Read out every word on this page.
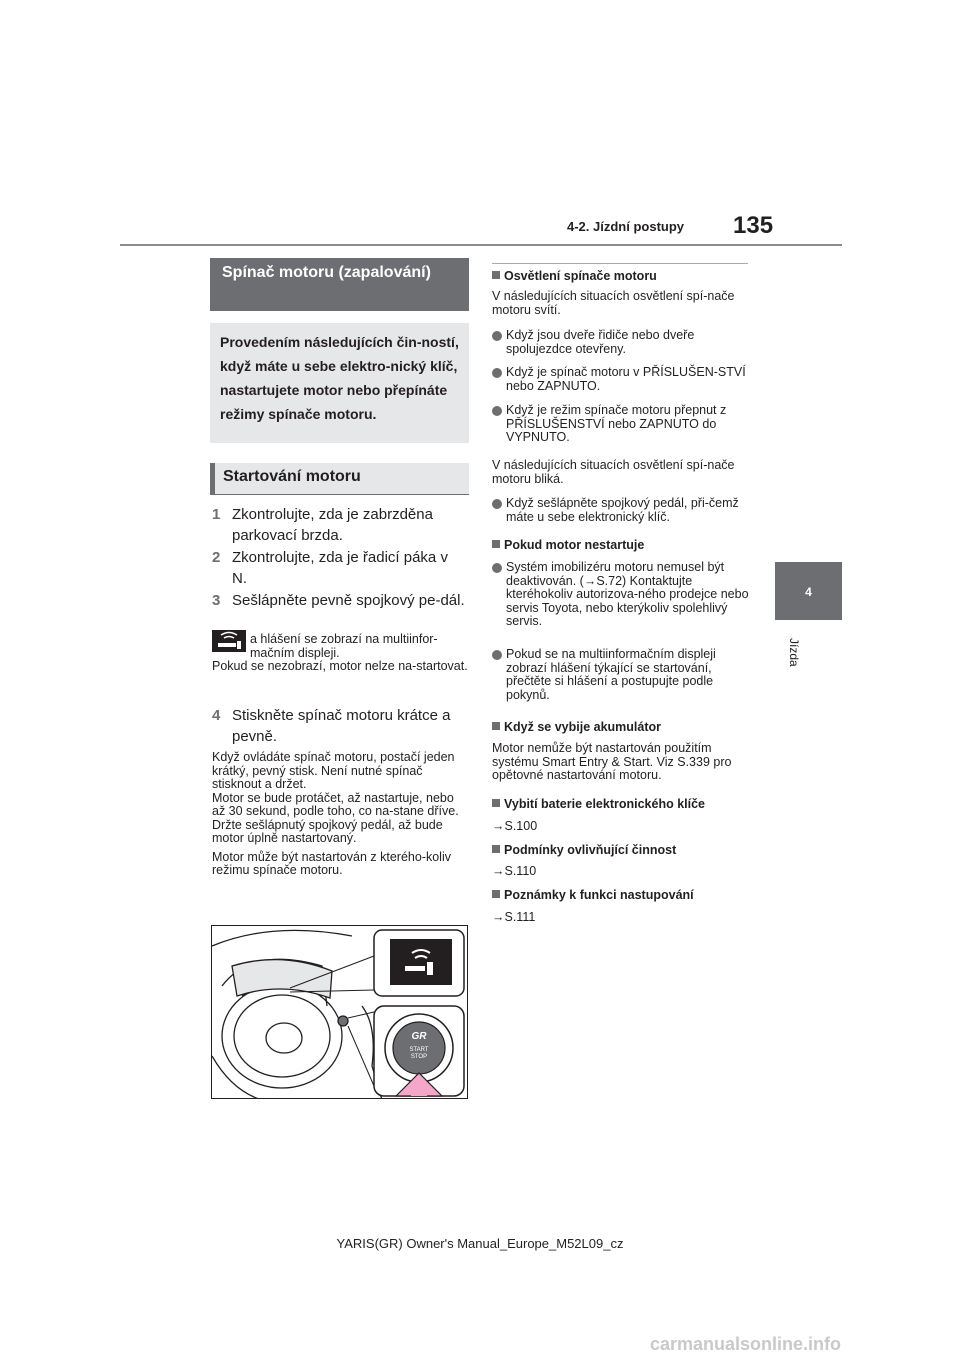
4-2. Jízdní postupy 135
4
Jízda
Spínač motoru (zapalování)
Provedením následujících čin-ností, když máte u sebe elektro-nický klíč, nastartujete motor nebo přepínáte režimy spínače motoru.
Startování motoru
1 Zkontrolujte, zda je zabrzděna parkovací brzda.
2 Zkontrolujte, zda je řadicí páka v N.
3 Sešlápněte pevně spojkový pe-dál.

a hlášení se zobrazí na multiinfor-mačním displeji.

Pokud se nezobrazí, motor nelze na-startovat.

4 Stiskněte spínač motoru krátce a pevně.

Když ovládáte spínač motoru, postačí jeden krátký, pevný stisk. Není nutné spínač stisknout a držet.

Motor se bude protáčet, až nastartuje, nebo až 30 sekund, podle toho, co na-stane dříve.

Držte sešlápnutý spojkový pedál, až bude motor úplně nastartovaný.

Motor může být nastartován z kterého-koliv režimu spínače motoru.

GR
START
STOP
Osvětlení spínače motoru

V následujících situacích osvětlení spí-nače motoru svítí.

Když jsou dveře řidiče nebo dveře spolujezdce otevřeny.
Když je spínač motoru v PŘÍSLUŠEN-STVÍ nebo ZAPNUTO.
Když je režim spínače motoru přepnut z PŘÍSLUŠENSTVÍ nebo ZAPNUTO do VYPNUTO.

V následujících situacích osvětlení spí-nače motoru bliká.

Když sešlápněte spojkový pedál, při-čemž máte u sebe elektronický klíč.
Pokud motor nestartuje
Systém imobilizéru motoru nemusel být deaktivován. (→S.72) Kontaktujte kteréhokoliv autorizova-ného prodejce nebo servis Toyota, nebo kterýkoliv spolehlivý servis.
Pokud se na multiinformačním displeji zobrazí hlášení týkající se startování, přečtěte si hlášení a postupujte podle pokynů.
Když se vybije akumulátor

Motor nemůže být nastartován použitím systému Smart Entry & Start. Viz S.339 pro opětovné nastartování motoru.

Vybití baterie elektronického klíče

→S.100

Podmínky ovlivňující činnost

→S.110

Poznámky k funkci nastupování

→S.111

YARIS(GR) Owner's Manual_Europe_M52L09_cz
carmanualsonline.info
